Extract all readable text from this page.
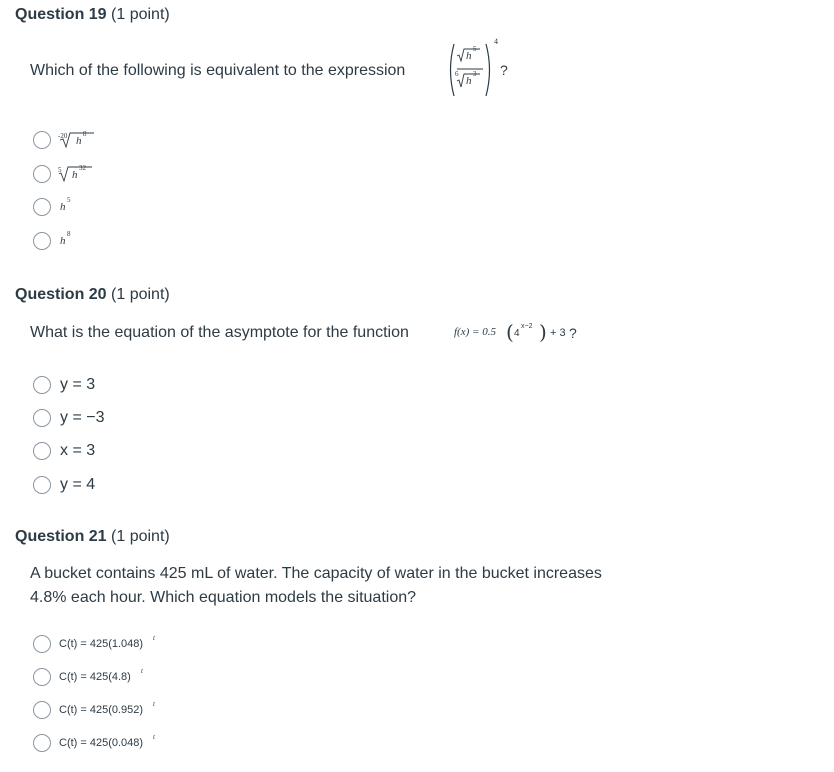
Question 19 (1 point)
Which of the following is equivalent to the expression
h
5
6
h
3
4
?
-20 h
8
5 h
32
h
5
h
8
Question 20 (1 point)
What is the equation of the asymptote for the function	f(x) = 0.5 ( 4
x−2 ) + 3 ?
y = 3
y = −3
x = 3
y = 4
Question 21 (1 point)
A bucket contains 425 mL of water. The capacity of water in the bucket increases
4.8% each hour. Which equation models the situation?
C(t) = 425(1.048) t
C(t) = 425(4.8) t
C(t) = 425(0.952) t
C(t) = 425(0.048) t
